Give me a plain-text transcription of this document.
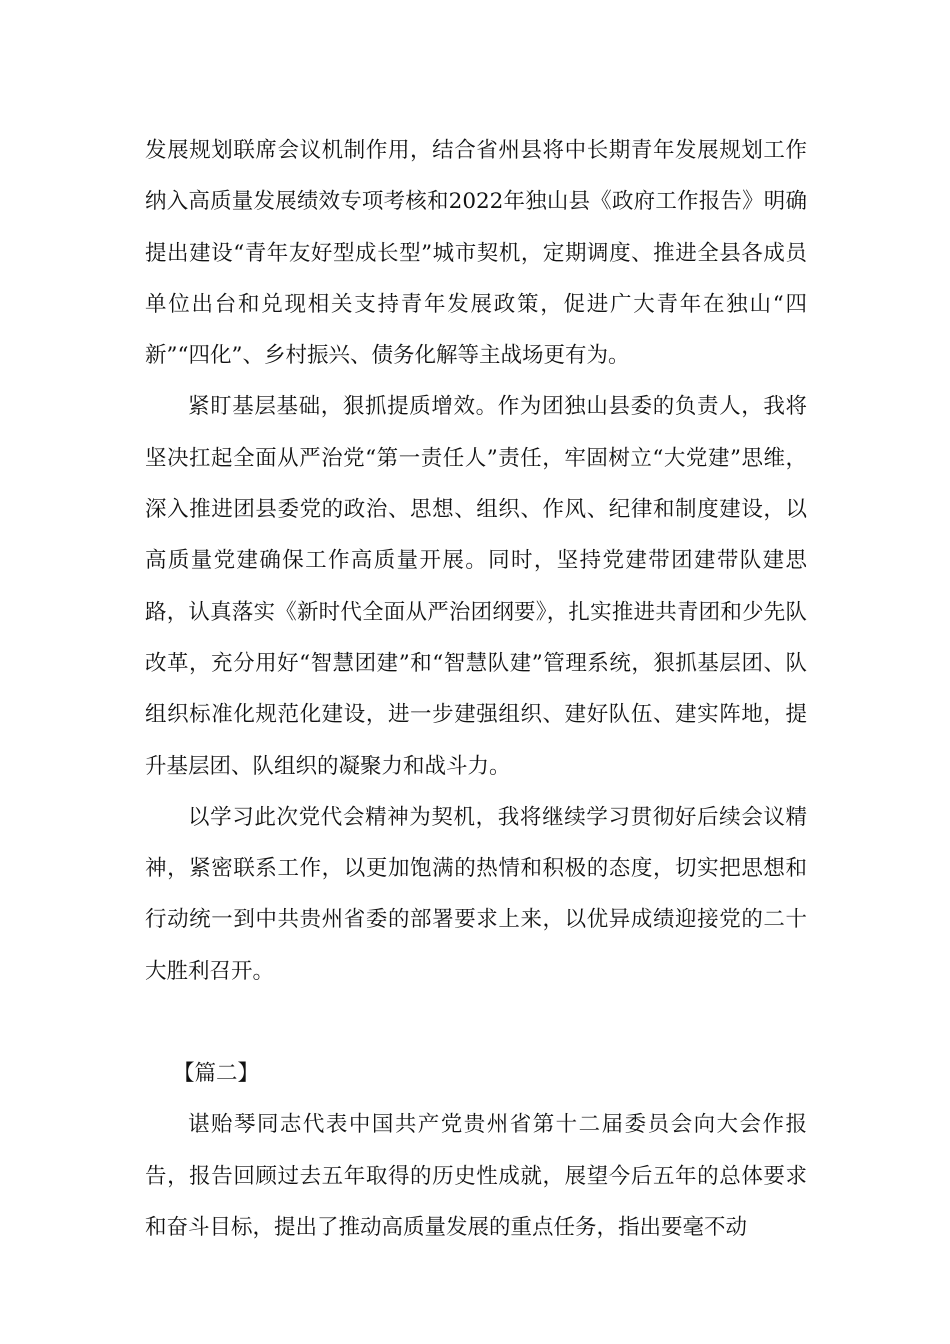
发展规划联席会议机制作用，结合省州县将中长期青年发展规划工作纳入高质量发展绩效专项考核和2022年独山县《政府工作报告》明确提出建设“青年友好型成长型”城市契机，定期调度、推进全县各成员单位出台和兑现相关支持青年发展政策，促进广大青年在独山“四新”“四化”、乡村振兴、债务化解等主战场更有为。

紧盯基层基础，狠抓提质增效。作为团独山县委的负责人，我将坚决扛起全面从严治党“第一责任人”责任，牢固树立“大党建”思维，深入推进团县委党的政治、思想、组织、作风、纪律和制度建设，以高质量党建确保工作高质量开展。同时，坚持党建带团建带队建思路，认真落实《新时代全面从严治团纲要》，扎实推进共青团和少先队改革，充分用好“智慧团建”和“智慧队建”管理系统，狠抓基层团、队组织标准化规范化建设，进一步建强组织、建好队伍、建实阵地，提升基层团、队组织的凝聚力和战斗力。

以学习此次党代会精神为契机，我将继续学习贯彻好后续会议精神，紧密联系工作，以更加饱满的热情和积极的态度，切实把思想和行动统一到中共贵州省委的部署要求上来，以优异成绩迎接党的二十大胜利召开。

【篇二】

谌贻琴同志代表中国共产党贵州省第十二届委员会向大会作报告，报告回顾过去五年取得的历史性成就，展望今后五年的总体要求和奋斗目标，提出了推动高质量发展的重点任务，指出要毫不动
